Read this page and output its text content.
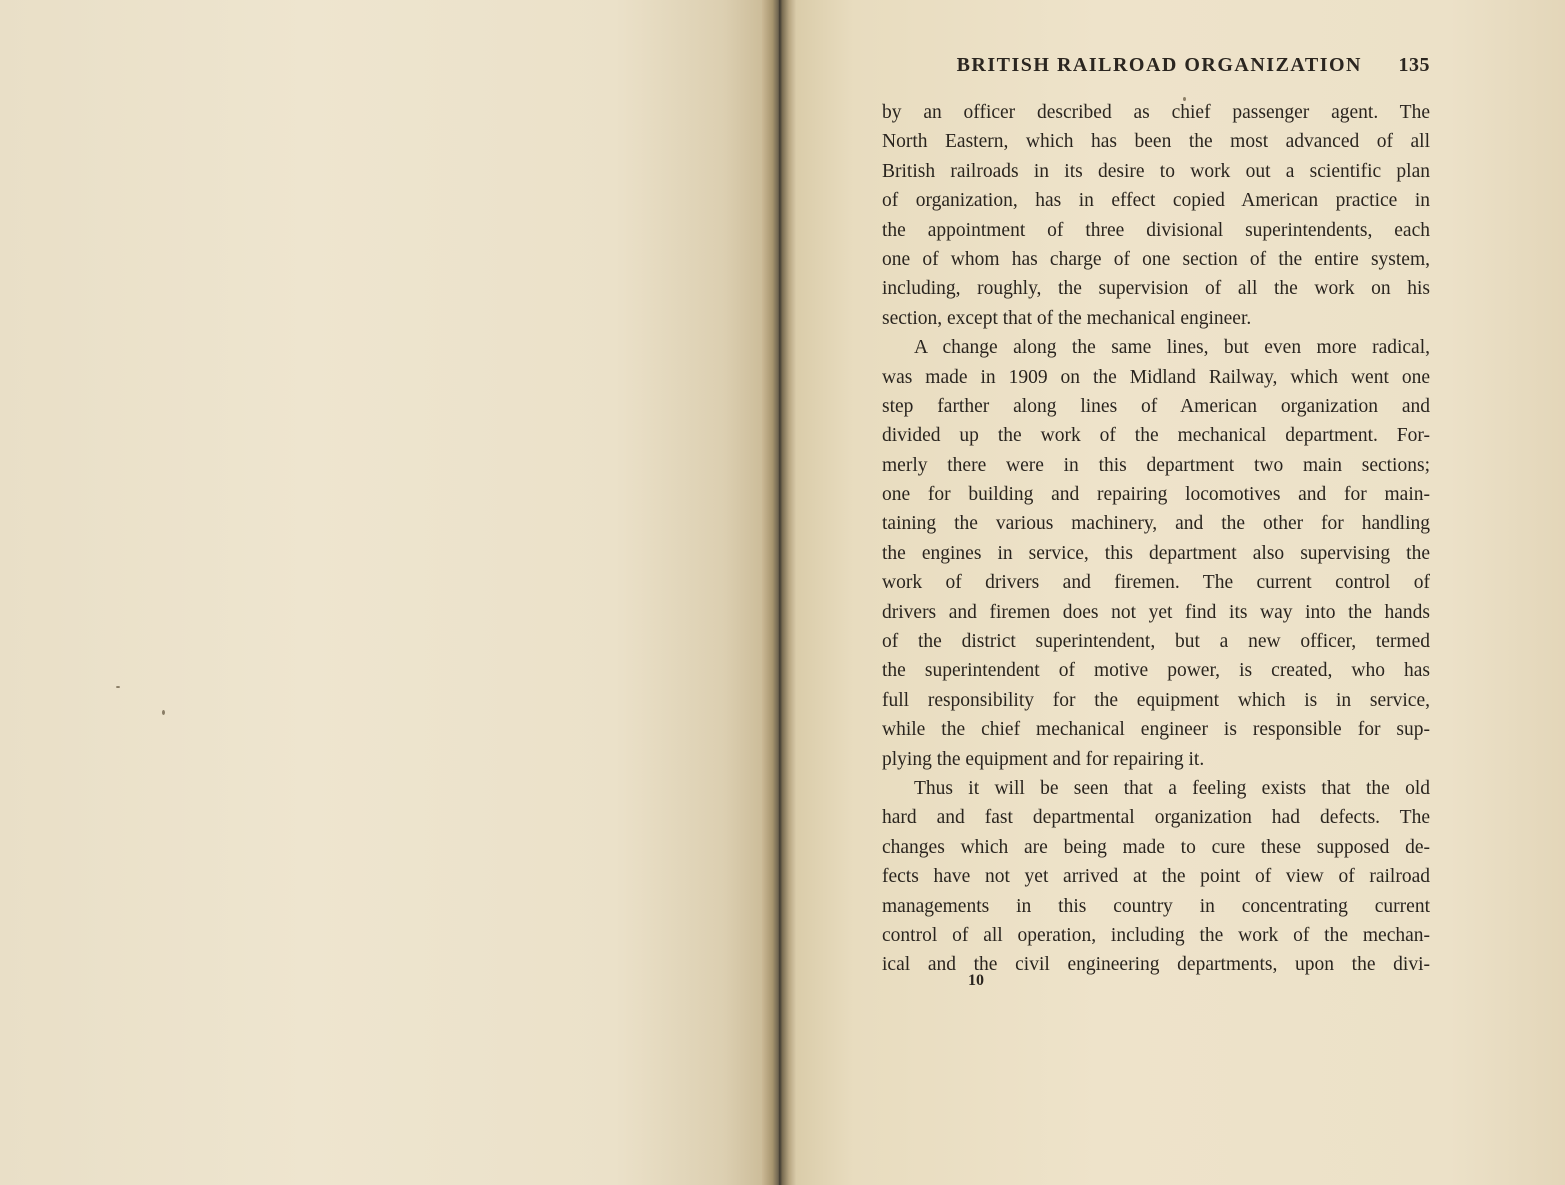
BRITISH RAILROAD ORGANIZATION 135
by an officer described as chief passenger agent. The
North Eastern, which has been the most advanced of all
British railroads in its desire to work out a scientific plan
of organization, has in effect copied American practice in
the appointment of three divisional superintendents, each
one of whom has charge of one section of the entire system,
including, roughly, the supervision of all the work on his
section, except that of the mechanical engineer.
A change along the same lines, but even more radical,
was made in 1909 on the Midland Railway, which went one
step farther along lines of American organization and
divided up the work of the mechanical department. For-
merly there were in this department two main sections;
one for building and repairing locomotives and for main-
taining the various machinery, and the other for handling
the engines in service, this department also supervising the
work of drivers and firemen. The current control of
drivers and firemen does not yet find its way into the hands
of the district superintendent, but a new officer, termed
the superintendent of motive power, is created, who has
full responsibility for the equipment which is in service,
while the chief mechanical engineer is responsible for sup-
plying the equipment and for repairing it.
Thus it will be seen that a feeling exists that the old
hard and fast departmental organization had defects. The
changes which are being made to cure these supposed de-
fects have not yet arrived at the point of view of railroad
managements in this country in concentrating current
control of all operation, including the work of the mechan-
ical and the civil engineering departments, upon the divi-
10
